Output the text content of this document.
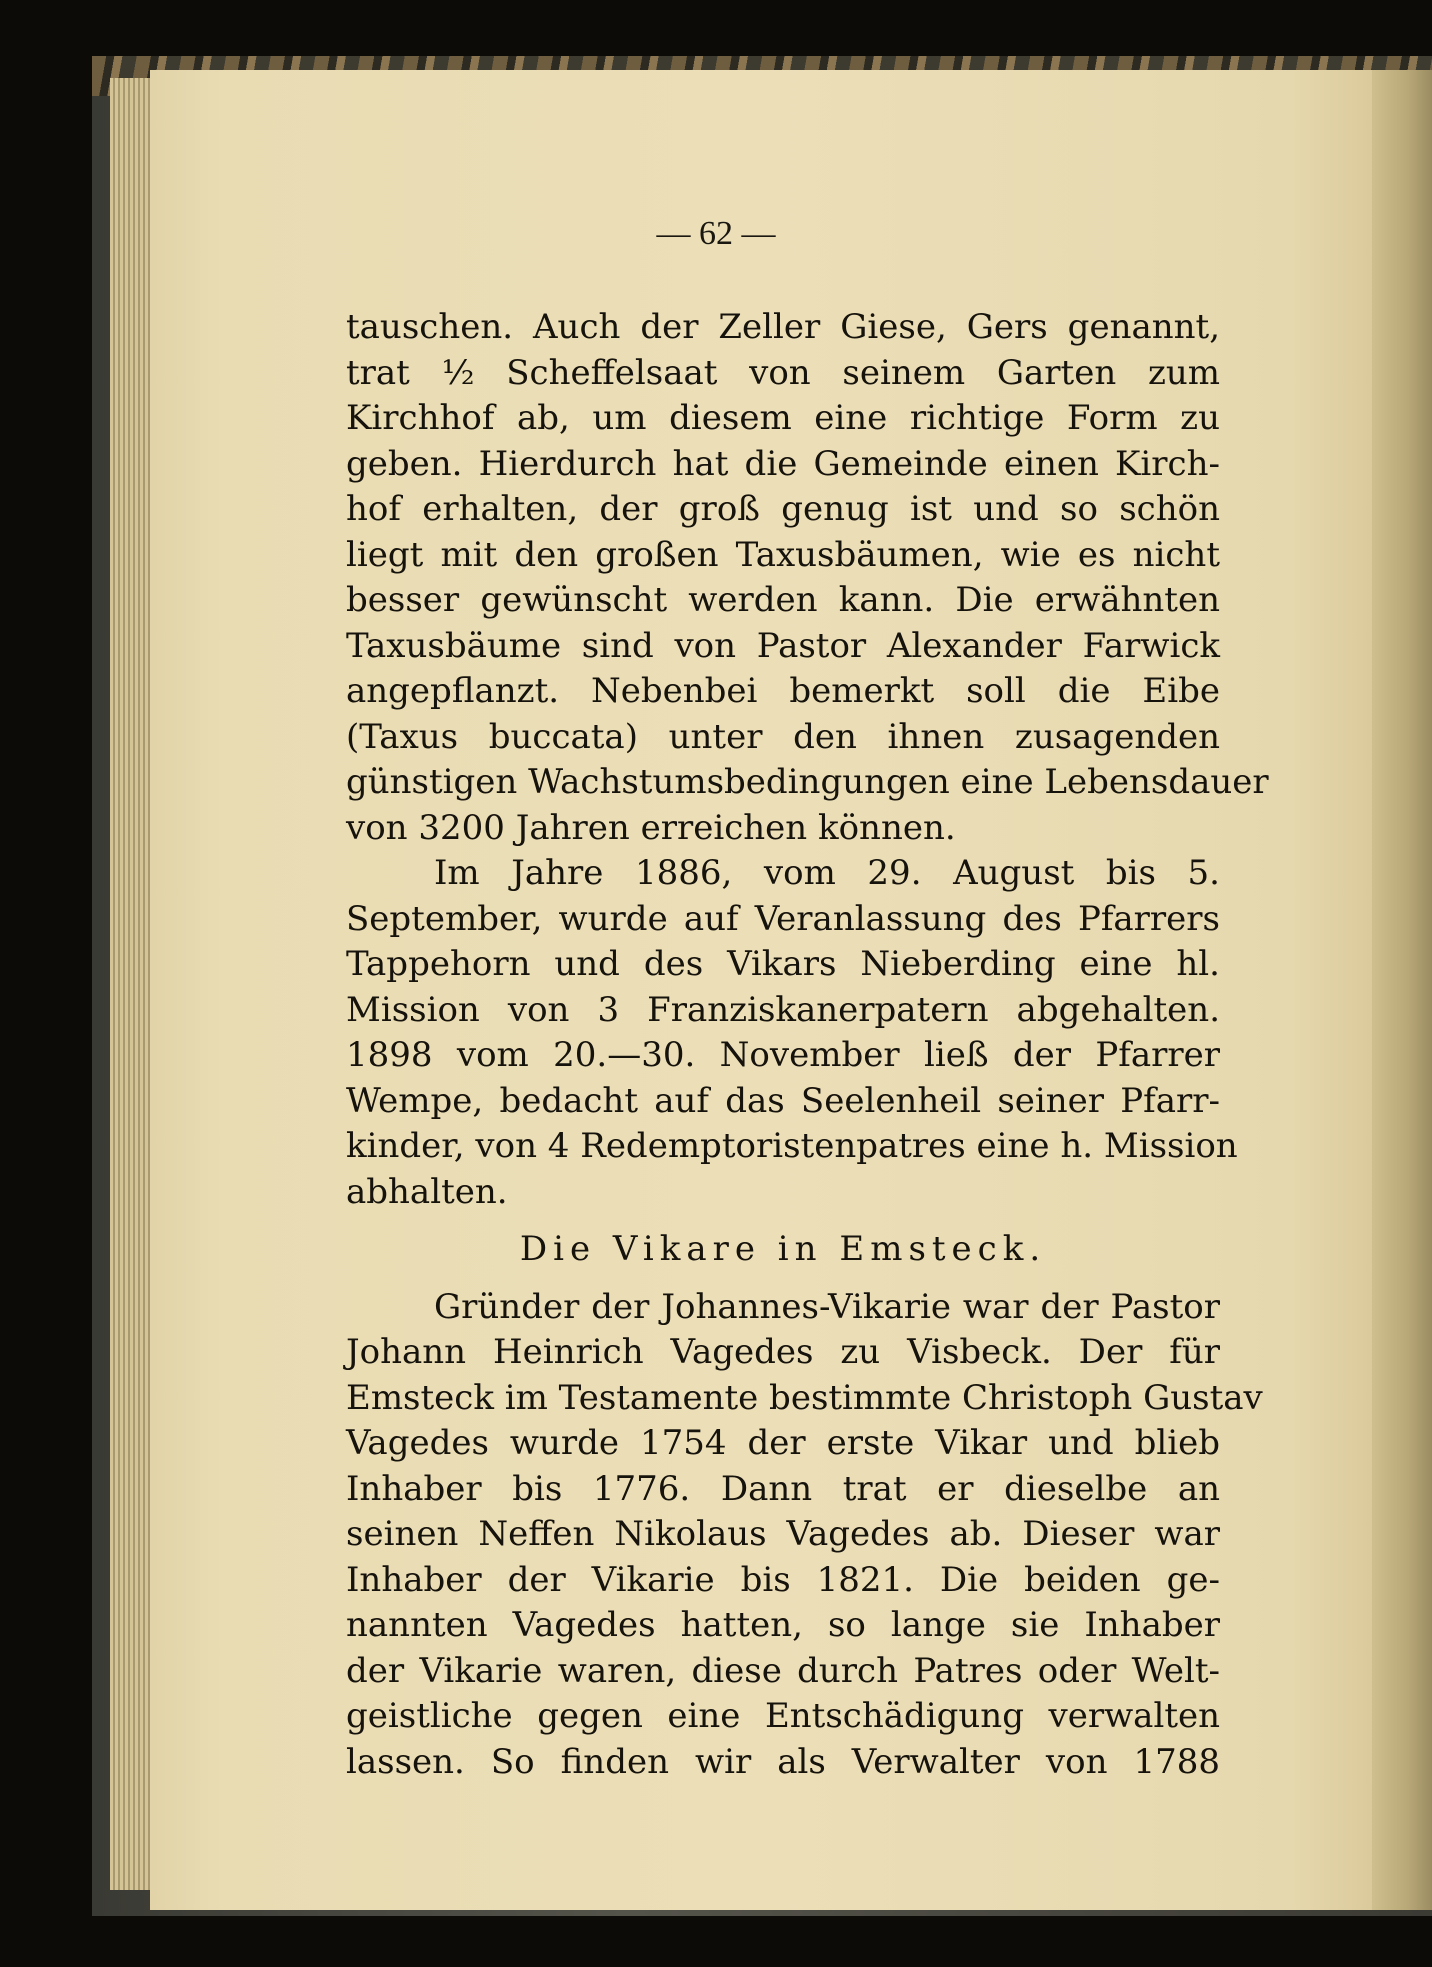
— 62 —
tauschen. Auch der Zeller Giese, Gers genannt,
trat ½ Scheffelsaat von seinem Garten zum
Kirchhof ab, um diesem eine richtige Form zu
geben. Hierdurch hat die Gemeinde einen Kirch-
hof erhalten, der groß genug ist und so schön
liegt mit den großen Taxusbäumen, wie es nicht
besser gewünscht werden kann. Die erwähnten
Taxusbäume sind von Pastor Alexander Farwick
angepflanzt. Nebenbei bemerkt soll die Eibe
(Taxus buccata) unter den ihnen zusagenden
günstigen Wachstumsbedingungen eine Lebensdauer
von 3200 Jahren erreichen können.
Im Jahre 1886, vom 29. August bis 5.
September, wurde auf Veranlassung des Pfarrers
Tappehorn und des Vikars Nieberding eine hl.
Mission von 3 Franziskanerpatern abgehalten.
1898 vom 20.—30. November ließ der Pfarrer
Wempe, bedacht auf das Seelenheil seiner Pfarr-
kinder, von 4 Redemptoristenpatres eine h. Mission
abhalten.
Die Vikare in Emsteck.
Gründer der Johannes-Vikarie war der Pastor
Johann Heinrich Vagedes zu Visbeck. Der für
Emsteck im Testamente bestimmte Christoph Gustav
Vagedes wurde 1754 der erste Vikar und blieb
Inhaber bis 1776. Dann trat er dieselbe an
seinen Neffen Nikolaus Vagedes ab. Dieser war
Inhaber der Vikarie bis 1821. Die beiden ge-
nannten Vagedes hatten, so lange sie Inhaber
der Vikarie waren, diese durch Patres oder Welt-
geistliche gegen eine Entschädigung verwalten
lassen. So finden wir als Verwalter von 1788
